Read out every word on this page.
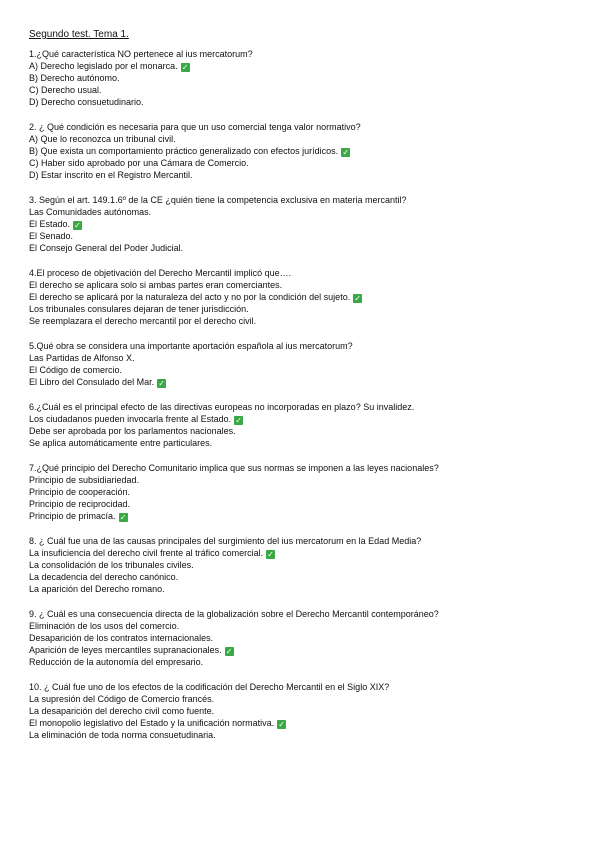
Segundo test. Tema 1.
1.¿Qué característica NO pertenece al ius mercatorum?
A) Derecho legislado por el monarca. ✓
B) Derecho autónomo.
C) Derecho usual.
D) Derecho consuetudinario.
2. ¿ Qué condición es necesaria para que un uso comercial tenga valor normativo?
A) Que lo reconozca un tribunal civil.
B) Que exista un comportamiento práctico generalizado con efectos jurídicos. ✓
C) Haber sido aprobado por una Cámara de Comercio.
D) Estar inscrito en el Registro Mercantil.
3. Según el art. 149.1.6º de la CE ¿quién tiene la competencia exclusiva en materia mercantil?
Las Comunidades autónomas.
El Estado. ✓
El Senado.
El Consejo General del Poder Judicial.
4.El proceso de objetivación del Derecho Mercantil implicó que….
El derecho se aplicara solo si ambas partes eran comerciantes.
El derecho se aplicará por la naturaleza del acto y no por la condición del sujeto. ✓
Los tribunales consulares dejaran de tener jurisdicción.
Se reemplazara el derecho mercantil por el derecho civil.
5.Qué obra se considera una importante aportación española al ius mercatorum?
Las Partidas de Alfonso X.
El Código de comercio.
El Libro del Consulado del Mar. ✓
6.¿Cuál es el principal efecto de las directivas europeas no incorporadas en plazo? Su invalidez.
Los ciudadanos pueden invocarla frente al Estado. ✓
Debe ser aprobada por los parlamentos nacionales.
Se aplica automáticamente entre particulares.
7.¿Qué principio del Derecho Comunitario implica que sus normas se imponen a las leyes nacionales?
Principio de subsidiariedad.
Principio de cooperación.
Principio de reciprocidad.
Principio de primacía. ✓
8. ¿ Cuál fue una de las causas principales del surgimiento del ius mercatorum en la Edad Media?
La insuficiencia del derecho civil frente al tráfico comercial. ✓
La consolidación de los tribunales civiles.
La decadencia del derecho canónico.
La aparición del Derecho romano.
9. ¿ Cuál es una consecuencia directa de la globalización sobre el Derecho Mercantil contemporáneo?
Eliminación de los usos del comercio.
Desaparición de los contratos internacionales.
Aparición de leyes mercantiles supranacionales. ✓
Reducción de la autonomía del empresario.
10. ¿ Cuál fue uno de los efectos de la codificación del Derecho Mercantil en el Siglo XIX?
La supresión del Código de Comercio francés.
La desaparición del derecho civil como fuente.
El monopolio legislativo del Estado y la unificación normativa. ✓
La eliminación de toda norma consuetudinaria.
